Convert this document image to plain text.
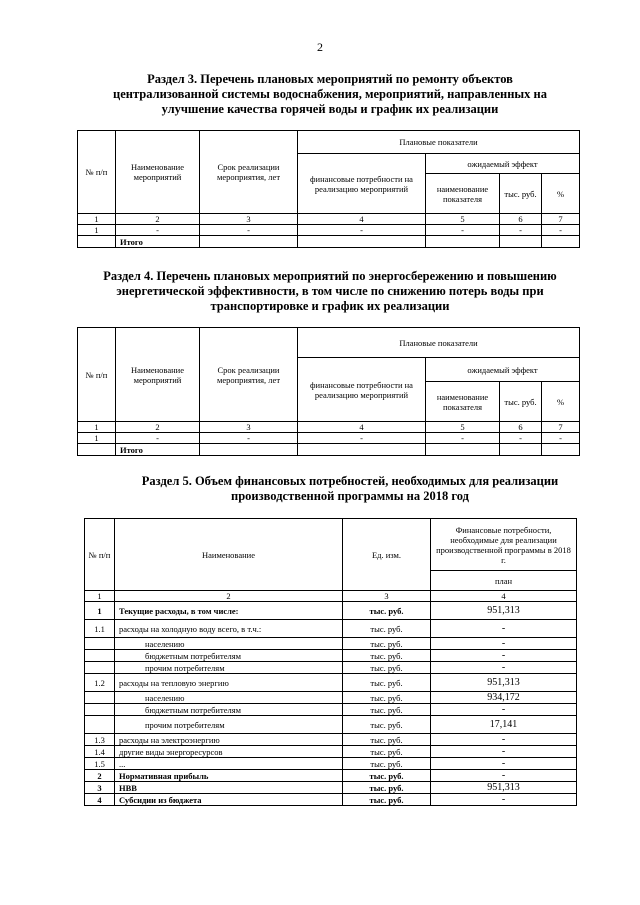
2
Раздел 3. Перечень плановых мероприятий по ремонту объектов
централизованной системы водоснабжения, мероприятий, направленных на
улучшение качества горячей воды и график их реализации
№ п/п	Наименование мероприятий	Срок реализации мероприятия, лет	Плановые показатели			
			финансовые потребности на реализацию мероприятий	ожидаемый эффект		
				наименование показателя	тыс. руб.	%
1	2	3	4	5	6	7
1	-	-	-	-	-	-
	Итого					
Раздел 4. Перечень плановых мероприятий по энергосбережению и повышению
энергетической эффективности, в том числе по снижению потерь воды при
транспортировке и график их реализации
№ п/п	Наименование мероприятий	Срок реализации мероприятия, лет	Плановые показатели			
			финансовые потребности на реализацию мероприятий	ожидаемый эффект		
				наименование показателя	тыс. руб.	%
1	2	3	4	5	6	7
1	-	-	-	-	-	-
	Итого					
Раздел 5. Объем финансовых потребностей, необходимых для реализации
производственной программы на 2018 год
№ п/п	Наименование	Ед. изм.	Финансовые потребности, необходимые для реализации производственной программы в 2018 г.
			план
1	2	3	4
1	Текущие расходы, в том числе:	тыс. руб.	951,313
1.1	расходы на холодную воду всего, в т.ч.:	тыс. руб.	-
	населению	тыс. руб.	-
	бюджетным потребителям	тыс. руб.	-
	прочим потребителям	тыс. руб.	-
1.2	расходы на тепловую энергию	тыс. руб.	951,313
	населению	тыс. руб.	934,172
	бюджетным потребителям	тыс. руб.	-
	прочим потребителям	тыс. руб.	17,141
1.3	расходы на электроэнергию	тыс. руб.	-
1.4	другие виды энергоресурсов	тыс. руб.	-
1.5	...	тыс. руб.	-
2	Нормативная прибыль	тыс. руб.	-
3	НВВ	тыс. руб.	951,313
4	Субсидии из бюджета	тыс. руб.	-
